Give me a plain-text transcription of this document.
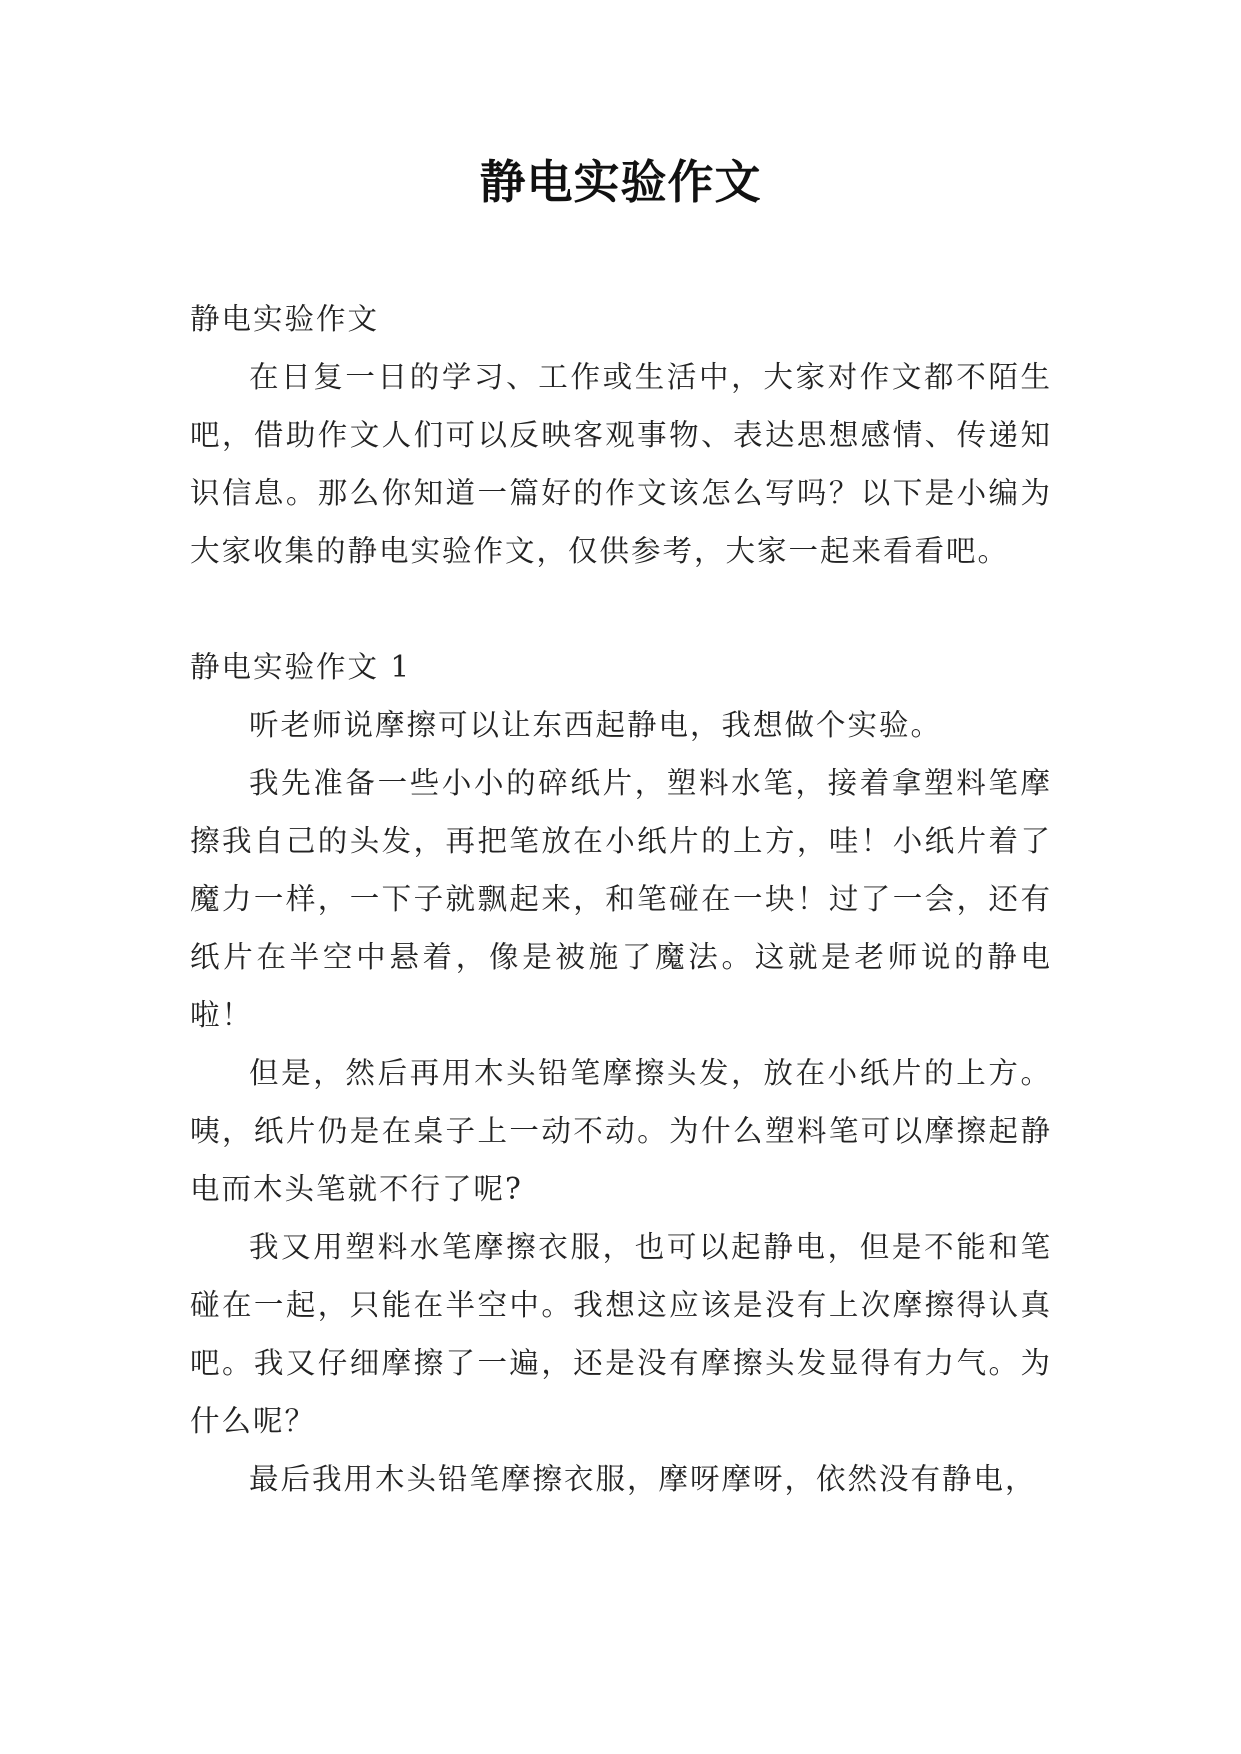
静电实验作文

静电实验作文

在日复一日的学习、工作或生活中，大家对作文都不陌生吧，借助作文人们可以反映客观事物、表达思想感情、传递知识信息。那么你知道一篇好的作文该怎么写吗？以下是小编为大家收集的静电实验作文，仅供参考，大家一起来看看吧。

静电实验作文 1

听老师说摩擦可以让东西起静电，我想做个实验。

我先准备一些小小的碎纸片，塑料水笔，接着拿塑料笔摩擦我自己的头发，再把笔放在小纸片的上方，哇！小纸片着了魔力一样，一下子就飘起来，和笔碰在一块！过了一会，还有纸片在半空中悬着，像是被施了魔法。这就是老师说的静电啦！

但是，然后再用木头铅笔摩擦头发，放在小纸片的上方。咦，纸片仍是在桌子上一动不动。为什么塑料笔可以摩擦起静电而木头笔就不行了呢?

我又用塑料水笔摩擦衣服，也可以起静电，但是不能和笔碰在一起，只能在半空中。我想这应该是没有上次摩擦得认真吧。我又仔细摩擦了一遍，还是没有摩擦头发显得有力气。为什么呢？

最后我用木头铅笔摩擦衣服，摩呀摩呀，依然没有静电，
